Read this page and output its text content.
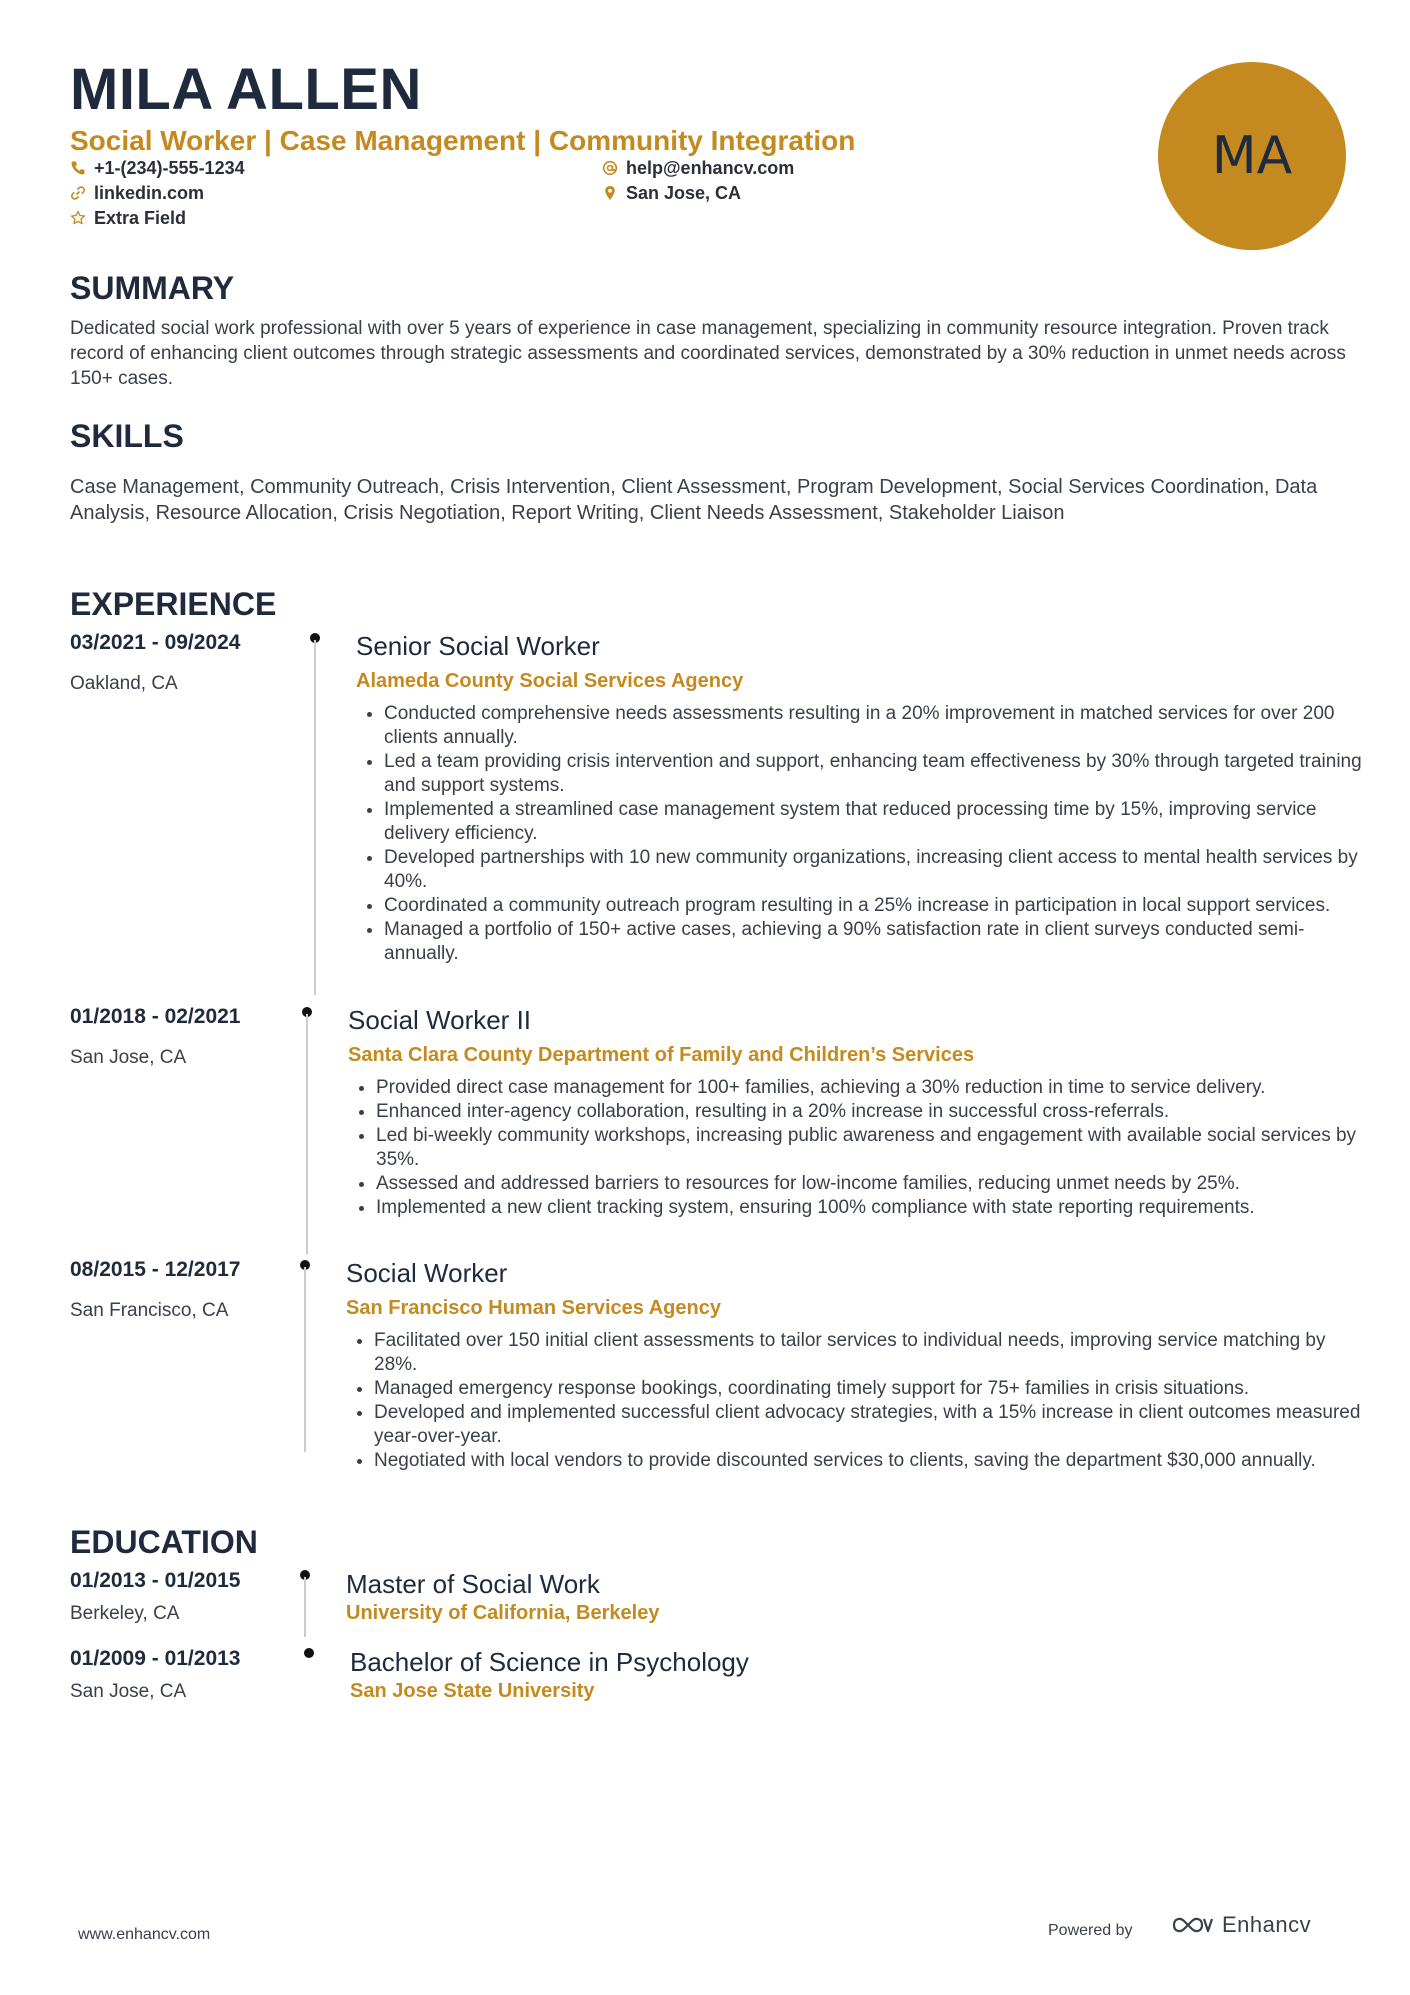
MILA ALLEN
Social Worker | Case Management | Community Integration
+1-(234)-555-1234	help@enhancv.com
linkedin.com	San Jose, CA
Extra Field
MA
SUMMARY

Dedicated social work professional with over 5 years of experience in case management, specializing in community resource integration. Proven track record of enhancing client outcomes through strategic assessments and coordinated services, demonstrated by a 30% reduction in unmet needs across 150+ cases.

SKILLS

Case Management, Community Outreach, Crisis Intervention, Client Assessment, Program Development, Social Services Coordination, Data Analysis, Resource Allocation, Crisis Negotiation, Report Writing, Client Needs Assessment, Stakeholder Liaison

EXPERIENCE
03/2021 - 09/2024
Oakland, CA
Senior Social Worker
Alameda County Social Services Agency
• Conducted comprehensive needs assessments resulting in a 20% improvement in matched services for over 200 clients annually.
• Led a team providing crisis intervention and support, enhancing team effectiveness by 30% through targeted training and support systems.
• Implemented a streamlined case management system that reduced processing time by 15%, improving service delivery efficiency.
• Developed partnerships with 10 new community organizations, increasing client access to mental health services by 40%.
• Coordinated a community outreach program resulting in a 25% increase in participation in local support services.
• Managed a portfolio of 150+ active cases, achieving a 90% satisfaction rate in client surveys conducted semi-annually.
01/2018 - 02/2021
San Jose, CA
Social Worker II
Santa Clara County Department of Family and Children’s Services
• Provided direct case management for 100+ families, achieving a 30% reduction in time to service delivery.
• Enhanced inter-agency collaboration, resulting in a 20% increase in successful cross-referrals.
• Led bi-weekly community workshops, increasing public awareness and engagement with available social services by 35%.
• Assessed and addressed barriers to resources for low-income families, reducing unmet needs by 25%.
• Implemented a new client tracking system, ensuring 100% compliance with state reporting requirements.
08/2015 - 12/2017
San Francisco, CA
Social Worker
San Francisco Human Services Agency
• Facilitated over 150 initial client assessments to tailor services to individual needs, improving service matching by 28%.
• Managed emergency response bookings, coordinating timely support for 75+ families in crisis situations.
• Developed and implemented successful client advocacy strategies, with a 15% increase in client outcomes measured year-over-year.
• Negotiated with local vendors to provide discounted services to clients, saving the department $30,000 annually.
EDUCATION
01/2013 - 01/2015
Berkeley, CA
Master of Social Work
University of California, Berkeley
01/2009 - 01/2013
San Jose, CA
Bachelor of Science in Psychology
San Jose State University
www.enhancv.com	Powered by	Enhancv
